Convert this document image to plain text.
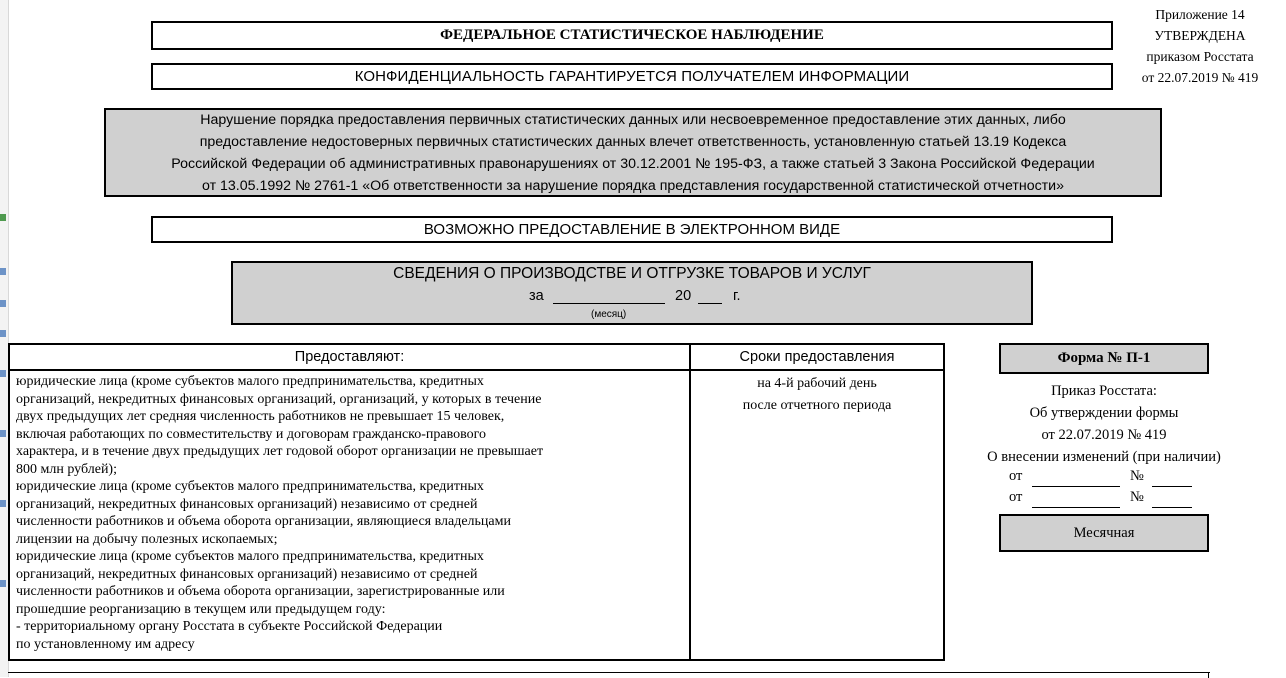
Приложение 14
УТВЕРЖДЕНА
приказом Росстата
от 22.07.2019 № 419
ФЕДЕРАЛЬНОЕ СТАТИСТИЧЕСКОЕ НАБЛЮДЕНИЕ
КОНФИДЕНЦИАЛЬНОСТЬ ГАРАНТИРУЕТСЯ ПОЛУЧАТЕЛЕМ ИНФОРМАЦИИ
Нарушение порядка предоставления первичных статистических данных или несвоевременное предоставление этих данных, либо
предоставление недостоверных первичных статистических данных влечет ответственность, установленную статьей 13.19 Кодекса
Российской Федерации об административных правонарушениях от 30.12.2001 № 195-ФЗ, а также статьей 3 Закона Российской Федерации
от 13.05.1992 № 2761-1 «Об ответственности за нарушение порядка представления государственной статистической отчетности»
ВОЗМОЖНО ПРЕДОСТАВЛЕНИЕ В ЭЛЕКТРОННОМ ВИДЕ
СВЕДЕНИЯ О ПРОИЗВОДСТВЕ И ОТГРУЗКЕ ТОВАРОВ И УСЛУГ
за	20	г.
(месяц)
Предоставляют:	Сроки предоставления
юридические лица (кроме субъектов малого предпринимательства, кредитных
организаций, некредитных финансовых организаций, организаций, у которых в течение
двух предыдущих лет средняя численность работников не превышает 15 человек,
включая работающих по совместительству и договорам гражданско-правового
характера, и в течение двух предыдущих лет годовой оборот организации не превышает
800 млн рублей);
юридические лица (кроме субъектов малого предпринимательства, кредитных
организаций, некредитных финансовых организаций) независимо от средней
численности работников и объема оборота организации, являющиеся владельцами
лицензии на добычу полезных ископаемых;
юридические лица (кроме субъектов малого предпринимательства, кредитных
организаций, некредитных финансовых организаций) независимо от средней
численности работников и объема оборота организации, зарегистрированные или
прошедшие реорганизацию в текущем или предыдущем году:
- территориальному органу Росстата в субъекте Российской Федерации
по установленному им адресу
на 4-й рабочий день
после отчетного периода
Форма № П-1
Приказ Росстата:
Об утверждении формы
от 22.07.2019 № 419
О внесении изменений (при наличии)
от	№
от	№
Месячная
